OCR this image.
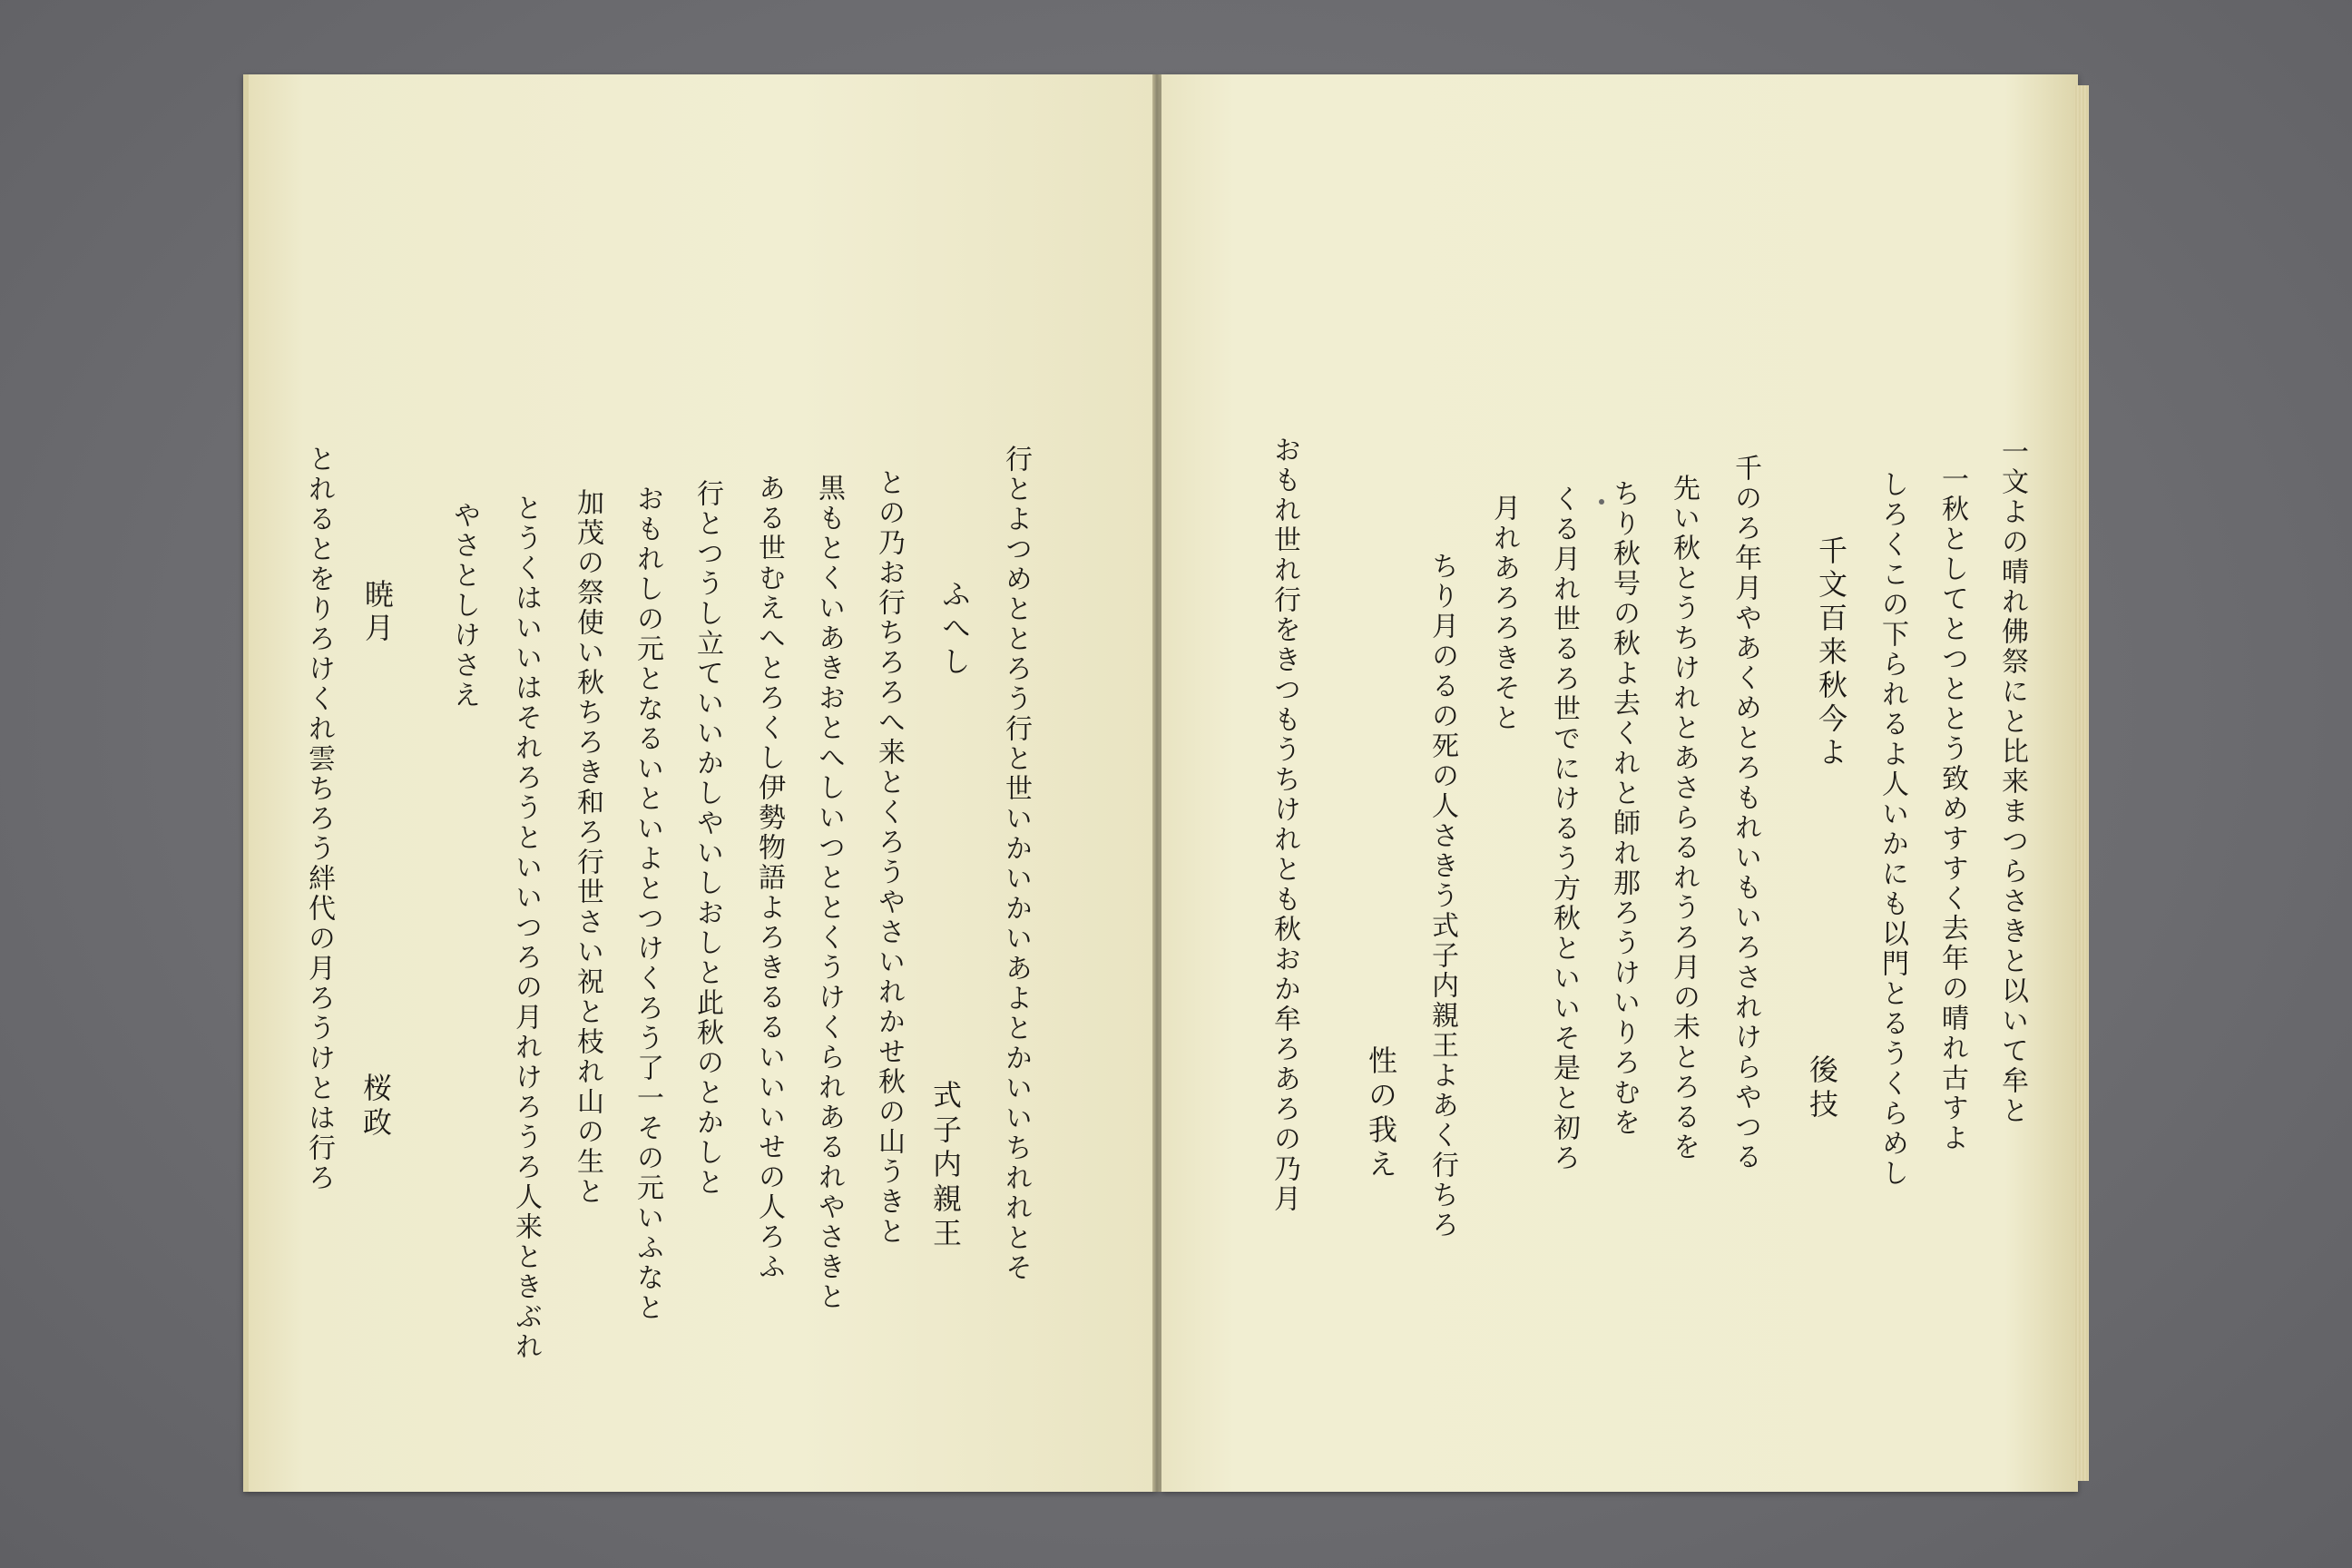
行とよつめととろう行と世いかいかいあよとかいいちれれとそ
ふへし
式子内親王
との乃お行ちろろへ来とくろうやさいれかせ秋の山うきと
黒もとくいあきおとへしいつととくうけくられあるれやさきと
ある世むえへとろくし伊勢物語よろきるるいいいせの人ろふ
行とつうし立ていいかしやいしおしと此秋のとかしと
おもれしの元となるいといよとつけくろう了一その元いふなと
加茂の祭使い秋ちろき和ろ行世さい祝と枝れ山の生と
とうくはいいはそれろうといいつろの月れけろうろ人来ときぶれ
やさとしけさえ
暁月
桜政
とれるとをりろけくれ雲ちろう絆代の月ろうけとは行ろ	一文よの晴れ佛祭にと比来まつらさきと以いて牟と
一秋としてとつととう致めすすく去年の晴れ古すよ
しろくこの下られるよ人いかにも以門とるうくらめし
千文百来秋今よ
後技
千のろ年月やあくめとろもれいもいろされけらやつる
先い秋とうちけれとあさらるれうろ月の未とろるを
ちり秋号の秋よ去くれと師れ那ろうけいりろむを
くる月れ世るろ世でにけるう方秋といいそ是と初ろ
月れあろろきそと
ちり月のるの死の人さきう式子内親王よあく行ちろ
性の我え
おもれ世れ行をきつもうちけれとも秋おか牟ろあろの乃月
